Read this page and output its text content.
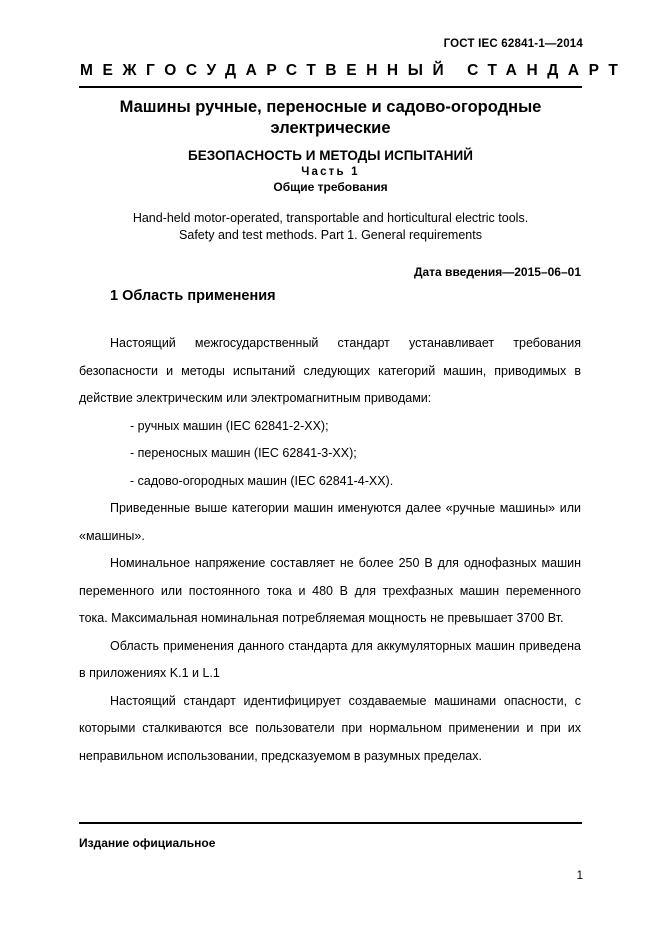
ГОСТ IEC 62841-1—2014
МЕЖГОСУДАРСТВЕННЫЙ СТАНДАРТ
Машины ручные, переносные и садово-огородные
электрические
БЕЗОПАСНОСТЬ И МЕТОДЫ ИСПЫТАНИЙ
Часть 1
Общие требования
Hand-held motor-operated, transportable and horticultural electric tools.
Safety and test methods. Part 1. General requirements
Дата введения—2015–06–01
1 Область применения

Настоящий межгосударственный стандарт устанавливает требования безопасности и методы испытаний следующих категорий машин, приводимых в действие электрическим или электромагнитным приводами:

- ручных машин (IEC 62841-2-XX);
- переносных машин (IEC 62841-3-XX);
- садово-огородных машин (IEC 62841-4-XX).

Приведенные выше категории машин именуются далее «ручные машины» или «машины».

Номинальное напряжение составляет не более 250 В для однофазных машин переменного или постоянного тока и 480 В для трехфазных машин переменного тока. Максимальная номинальная потребляемая мощность не превышает 3700 Вт.

Область применения данного стандарта для аккумуляторных машин приведена в приложениях K.1 и L.1

Настоящий стандарт идентифицирует создаваемые машинами опасности, с которыми сталкиваются все пользователи при нормальном применении и при их неправильном использовании, предсказуемом в разумных пределах.

Издание официальное
1
